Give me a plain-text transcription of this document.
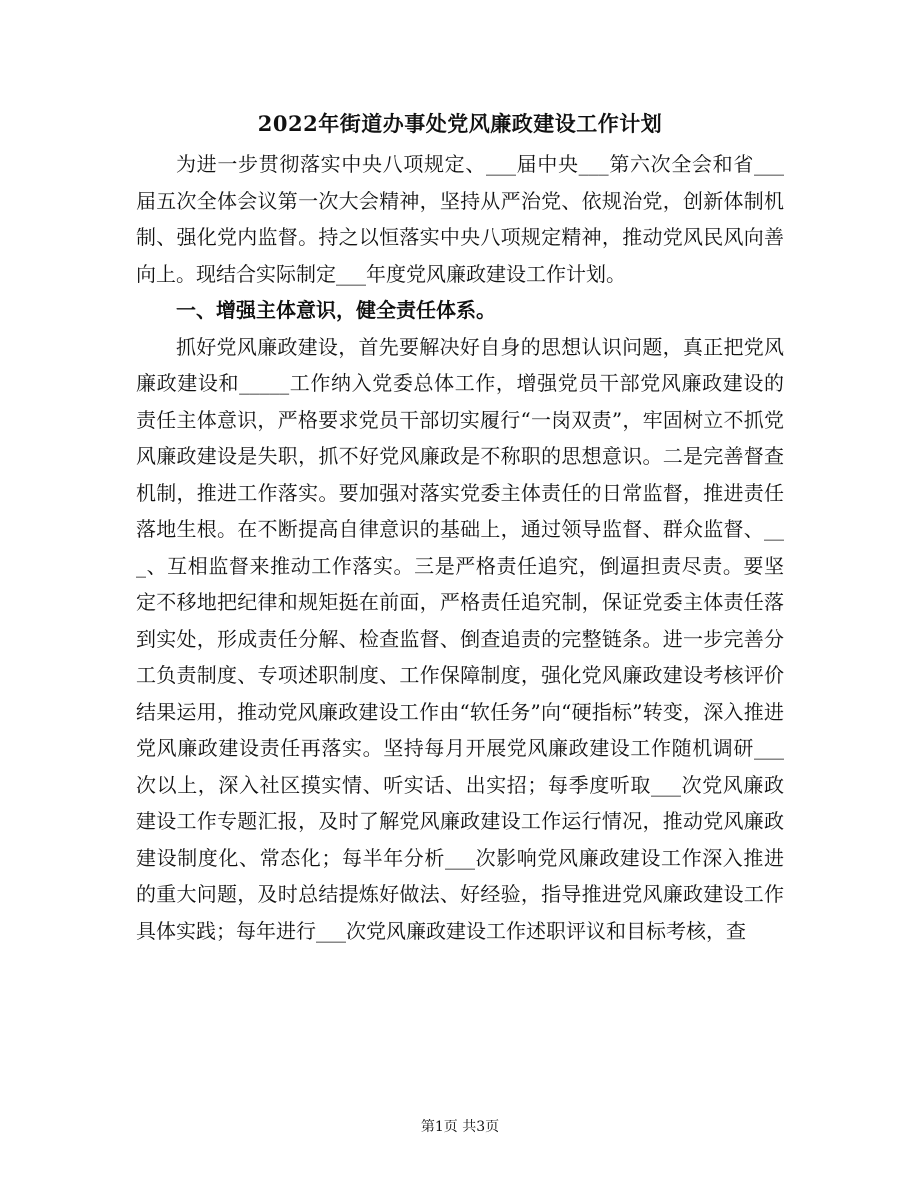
2022年街道办事处党风廉政建设工作计划

为进一步贯彻落实中央八项规定、___届中央___第六次全会和省___届五次全体会议第一次大会精神，坚持从严治党、依规治党，创新体制机制、强化党内监督。持之以恒落实中央八项规定精神，推动党风民风向善向上。现结合实际制定___年度党风廉政建设工作计划。

一、增强主体意识，健全责任体系。

抓好党风廉政建设，首先要解决好自身的思想认识问题，真正把党风廉政建设和_____工作纳入党委总体工作，增强党员干部党风廉政建设的责任主体意识，严格要求党员干部切实履行“一岗双责”，牢固树立不抓党风廉政建设是失职，抓不好党风廉政是不称职的思想意识。二是完善督查机制，推进工作落实。要加强对落实党委主体责任的日常监督，推进责任落地生根。在不断提高自律意识的基础上，通过领导监督、群众监督、___、互相监督来推动工作落实。三是严格责任追究，倒逼担责尽责。要坚定不移地把纪律和规矩挺在前面，严格责任追究制，保证党委主体责任落到实处，形成责任分解、检查监督、倒查追责的完整链条。进一步完善分工负责制度、专项述职制度、工作保障制度，强化党风廉政建设考核评价结果运用，推动党风廉政建设工作由“软任务”向“硬指标”转变，深入推进党风廉政建设责任再落实。坚持每月开展党风廉政建设工作随机调研___次以上，深入社区摸实情、听实话、出实招；每季度听取___次党风廉政建设工作专题汇报，及时了解党风廉政建设工作运行情况，推动党风廉政建设制度化、常态化；每半年分析___次影响党风廉政建设工作深入推进的重大问题，及时总结提炼好做法、好经验，指导推进党风廉政建设工作具体实践；每年进行___次党风廉政建设工作述职评议和目标考核，查

第1页 共3页
